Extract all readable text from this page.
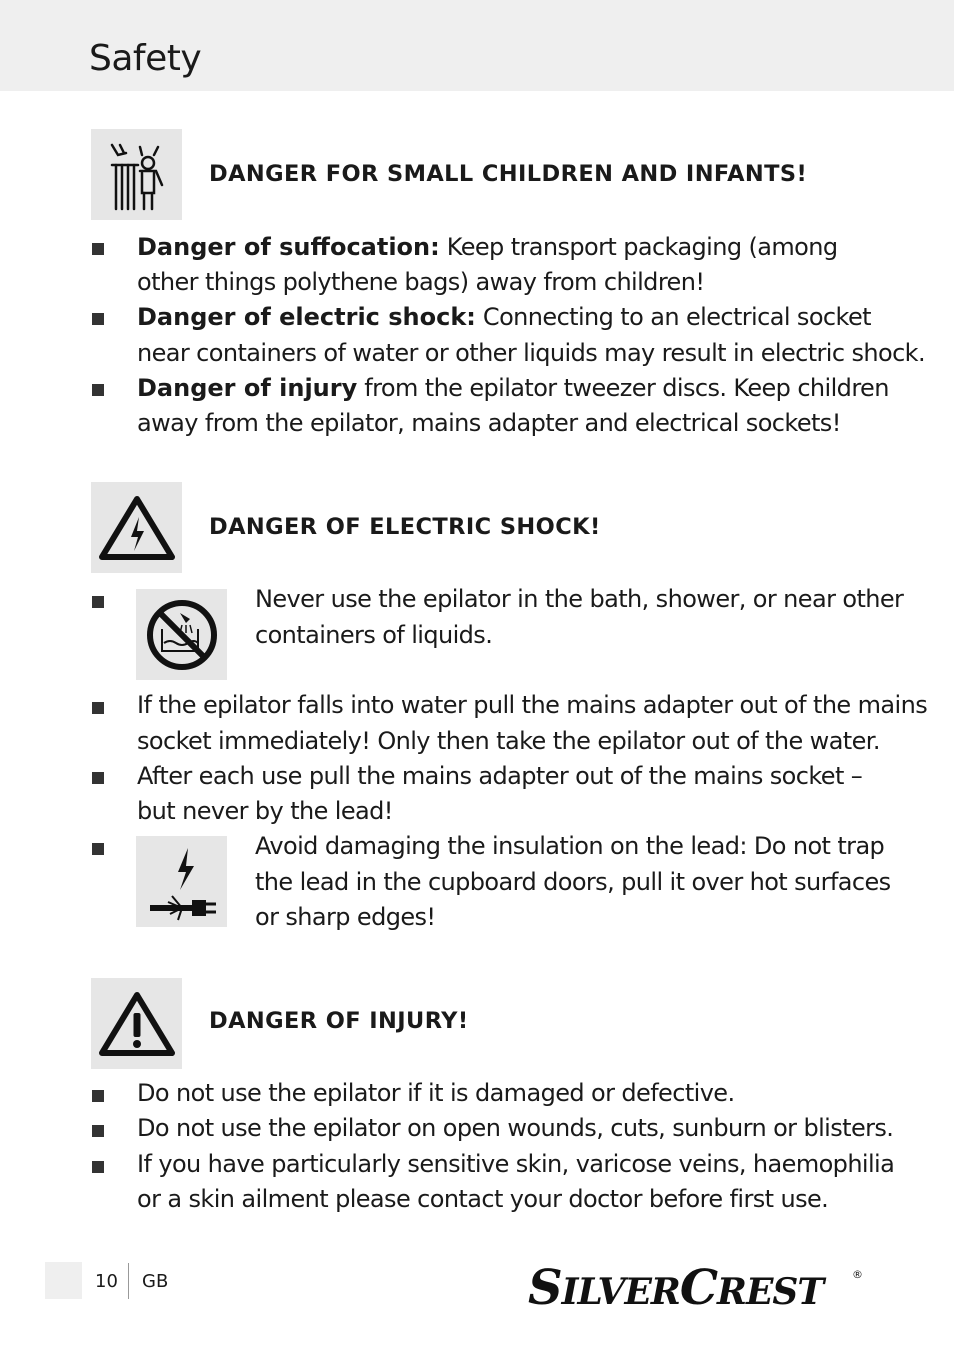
Safety
DANGER FOR SMALL CHILDREN AND INFANTS!
Danger of suffocation: Keep transport packaging (among
other things polythene bags) away from children!
Danger of electric shock: Connecting to an electrical socket
near containers of water or other liquids may result in electric shock.
Danger of injury from the epilator tweezer discs. Keep children
away from the epilator, mains adapter and electrical sockets!
DANGER OF ELECTRIC SHOCK!
Never use the epilator in the bath, shower, or near other
containers of liquids.
If the epilator falls into water pull the mains adapter out of the mains
socket immediately! Only then take the epilator out of the water.
After each use pull the mains adapter out of the mains socket –
but never by the lead!
Avoid damaging the insulation on the lead: Do not trap
the lead in the cupboard doors, pull it over hot surfaces
or sharp edges!
DANGER OF INJURY!
Do not use the epilator if it is damaged or defective.
Do not use the epilator on open wounds, cuts, sunburn or blisters.
If you have particularly sensitive skin, varicose veins, haemophilia
or a skin ailment please contact your doctor before first use.
10 GB	SILVERCREST	®
